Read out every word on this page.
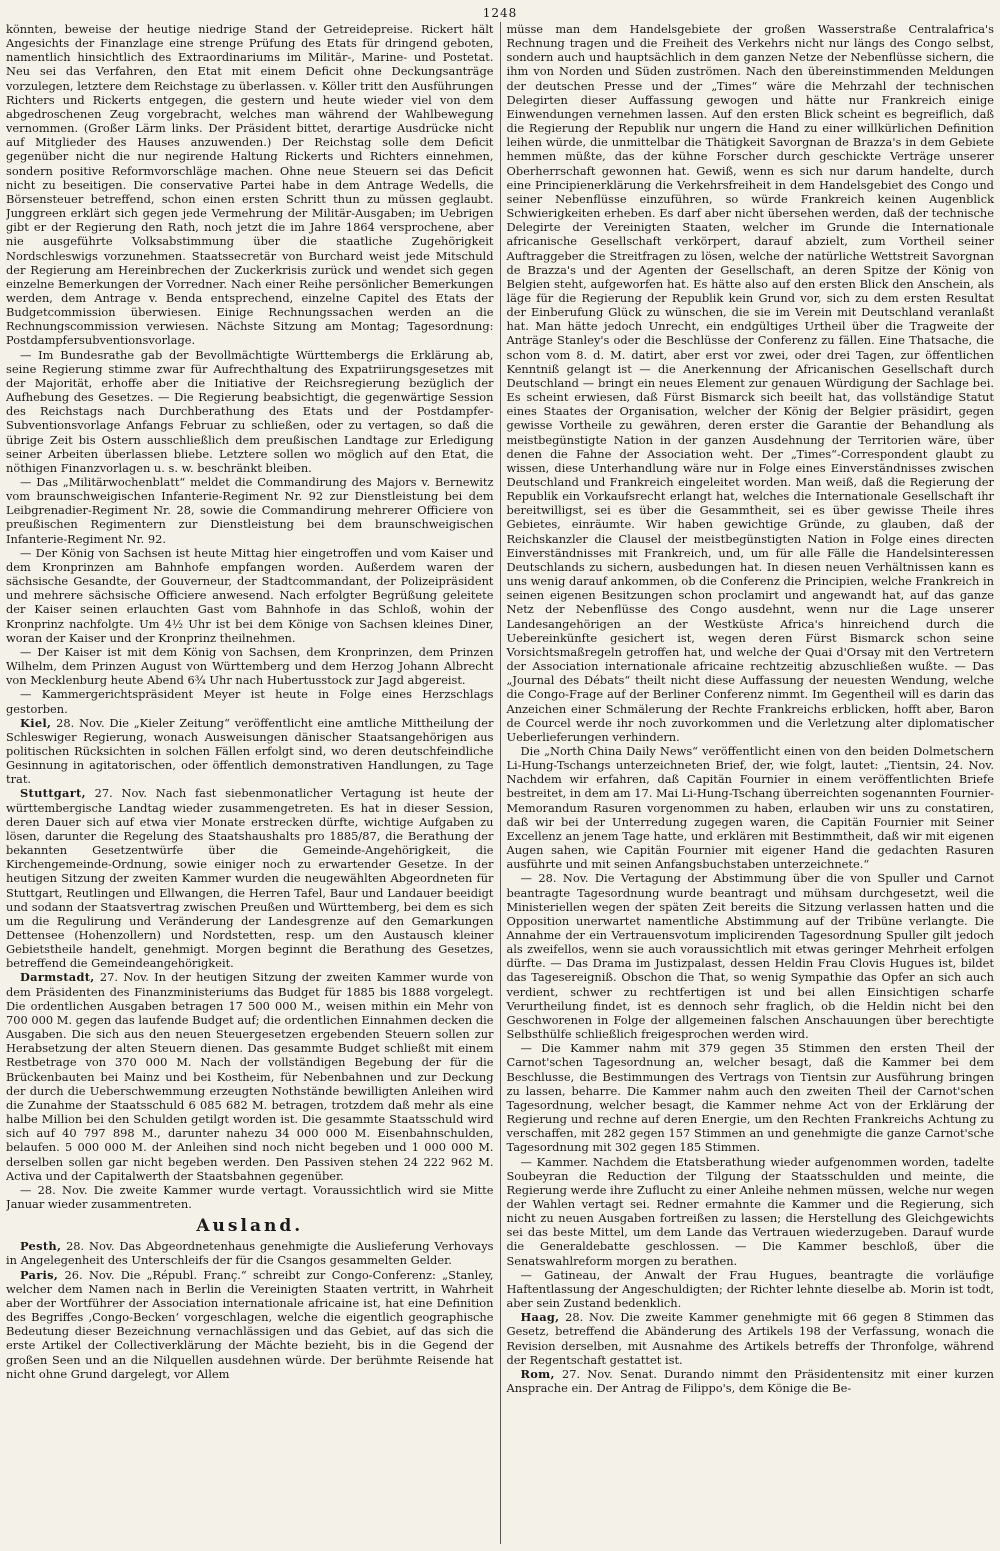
1248

könnten, beweise der heutige niedrige Stand der Getreidepreise. Rickert hält Angesichts der Finanzlage eine strenge Prüfung des Etats für dringend geboten, namentlich hinsichtlich des Extraordinariums im Militär-, Marine- und Postetat. Neu sei das Verfahren, den Etat mit einem Deficit ohne Deckungsanträge vorzulegen, letztere dem Reichstage zu überlassen. v. Köller tritt den Ausführungen Richters und Rickerts entgegen, die gestern und heute wieder viel von dem abgedroschenen Zeug vorgebracht, welches man während der Wahlbewegung vernommen. (Großer Lärm links. Der Präsident bittet, derartige Ausdrücke nicht auf Mitglieder des Hauses anzuwenden.) Der Reichstag solle dem Deficit gegenüber nicht die nur negirende Haltung Rickerts und Richters einnehmen, sondern positive Reformvorschläge machen. Ohne neue Steuern sei das Deficit nicht zu beseitigen. Die conservative Partei habe in dem Antrage Wedells, die Börsensteuer betreffend, schon einen ersten Schritt thun zu müssen geglaubt. Junggreen erklärt sich gegen jede Vermehrung der Militär-Ausgaben; im Uebrigen gibt er der Regierung den Rath, noch jetzt die im Jahre 1864 versprochene, aber nie ausgeführte Volksabstimmung über die staatliche Zugehörigkeit Nordschleswigs vorzunehmen. Staatssecretär von Burchard weist jede Mitschuld der Regierung am Hereinbrechen der Zuckerkrisis zurück und wendet sich gegen einzelne Bemerkungen der Vorredner. Nach einer Reihe persönlicher Bemerkungen werden, dem Antrage v. Benda entsprechend, einzelne Capitel des Etats der Budgetcommission überwiesen. Einige Rechnungssachen werden an die Rechnungscommission verwiesen. Nächste Sitzung am Montag; Tagesordnung: Postdampfersubventionsvorlage.

— Im Bundesrathe gab der Bevollmächtigte Württembergs die Erklärung ab, seine Regierung stimme zwar für Aufrechthaltung des Expatriirungsgesetzes mit der Majorität, erhoffe aber die Initiative der Reichsregierung bezüglich der Aufhebung des Gesetzes. — Die Regierung beabsichtigt, die gegenwärtige Session des Reichstags nach Durchberathung des Etats und der Postdampfer-Subventionsvorlage Anfangs Februar zu schließen, oder zu vertagen, so daß die übrige Zeit bis Ostern ausschließlich dem preußischen Landtage zur Erledigung seiner Arbeiten überlassen bliebe. Letztere sollen wo möglich auf den Etat, die nöthigen Finanzvorlagen u. s. w. beschränkt bleiben.

— Das „Militärwochenblatt“ meldet die Commandirung des Majors v. Bernewitz vom braunschweigischen Infanterie-Regiment Nr. 92 zur Dienstleistung bei dem Leibgrenadier-Regiment Nr. 28, sowie die Commandirung mehrerer Officiere von preußischen Regimentern zur Dienstleistung bei dem braunschweigischen Infanterie-Regiment Nr. 92.

— Der König von Sachsen ist heute Mittag hier eingetroffen und vom Kaiser und dem Kronprinzen am Bahnhofe empfangen worden. Außerdem waren der sächsische Gesandte, der Gouverneur, der Stadtcommandant, der Polizeipräsident und mehrere sächsische Officiere anwesend. Nach erfolgter Begrüßung geleitete der Kaiser seinen erlauchten Gast vom Bahnhofe in das Schloß, wohin der Kronprinz nachfolgte. Um 4½ Uhr ist bei dem Könige von Sachsen kleines Diner, woran der Kaiser und der Kronprinz theilnehmen.

— Der Kaiser ist mit dem König von Sachsen, dem Kronprinzen, dem Prinzen Wilhelm, dem Prinzen August von Württemberg und dem Herzog Johann Albrecht von Mecklenburg heute Abend 6¾ Uhr nach Hubertusstock zur Jagd abgereist.

— Kammergerichtspräsident Meyer ist heute in Folge eines Herzschlags gestorben.

Kiel, 28. Nov. Die „Kieler Zeitung“ veröffentlicht eine amtliche Mittheilung der Schleswiger Regierung, wonach Ausweisungen dänischer Staatsangehörigen aus politischen Rücksichten in solchen Fällen erfolgt sind, wo deren deutschfeindliche Gesinnung in agitatorischen, oder öffentlich demonstrativen Handlungen, zu Tage trat.

Stuttgart, 27. Nov. Nach fast siebenmonatlicher Vertagung ist heute der württembergische Landtag wieder zusammengetreten. Es hat in dieser Session, deren Dauer sich auf etwa vier Monate erstrecken dürfte, wichtige Aufgaben zu lösen, darunter die Regelung des Staatshaushalts pro 1885/87, die Berathung der bekannten Gesetzentwürfe über die Gemeinde-Angehörigkeit, die Kirchengemeinde-Ordnung, sowie einiger noch zu erwartender Gesetze. In der heutigen Sitzung der zweiten Kammer wurden die neugewählten Abgeordneten für Stuttgart, Reutlingen und Ellwangen, die Herren Tafel, Baur und Landauer beeidigt und sodann der Staatsvertrag zwischen Preußen und Württemberg, bei dem es sich um die Regulirung und Veränderung der Landesgrenze auf den Gemarkungen Dettensee (Hohenzollern) und Nordstetten, resp. um den Austausch kleiner Gebietstheile handelt, genehmigt. Morgen beginnt die Berathung des Gesetzes, betreffend die Gemeindeangehörigkeit.

Darmstadt, 27. Nov. In der heutigen Sitzung der zweiten Kammer wurde von dem Präsidenten des Finanzministeriums das Budget für 1885 bis 1888 vorgelegt. Die ordentlichen Ausgaben betragen 17 500 000 M., weisen mithin ein Mehr von 700 000 M. gegen das laufende Budget auf; die ordentlichen Einnahmen decken die Ausgaben. Die sich aus den neuen Steuergesetzen ergebenden Steuern sollen zur Herabsetzung der alten Steuern dienen. Das gesammte Budget schließt mit einem Restbetrage von 370 000 M. Nach der vollständigen Begebung der für die Brückenbauten bei Mainz und bei Kostheim, für Nebenbahnen und zur Deckung der durch die Ueberschwemmung erzeugten Nothstände bewilligten Anleihen wird die Zunahme der Staatsschuld 6 085 682 M. betragen, trotzdem daß mehr als eine halbe Million bei den Schulden getilgt worden ist. Die gesammte Staatsschuld wird sich auf 40 797 898 M., darunter nahezu 34 000 000 M. Eisenbahnschulden, belaufen. 5 000 000 M. der Anleihen sind noch nicht begeben und 1 000 000 M. derselben sollen gar nicht begeben werden. Den Passiven stehen 24 222 962 M. Activa und der Capitalwerth der Staatsbahnen gegenüber.

— 28. Nov. Die zweite Kammer wurde vertagt. Voraussichtlich wird sie Mitte Januar wieder zusammentreten.

Ausland.

Pesth, 28. Nov. Das Abgeordnetenhaus genehmigte die Auslieferung Verhovays in Angelegenheit des Unterschleifs der für die Csangos gesammelten Gelder.

Paris, 26. Nov. Die „Républ. Franç.“ schreibt zur Congo-Conferenz: „Stanley, welcher dem Namen nach in Berlin die Vereinigten Staaten vertritt, in Wahrheit aber der Wortführer der Association internationale africaine ist, hat eine Definition des Begriffes ‚Congo-Becken‘ vorgeschlagen, welche die eigentlich geographische Bedeutung dieser Bezeichnung vernachlässigen und das Gebiet, auf das sich die erste Artikel der Collectiverklärung der Mächte bezieht, bis in die Gegend der großen Seen und an die Nilquellen ausdehnen würde. Der berühmte Reisende hat nicht ohne Grund dargelegt, vor Allem

müsse man dem Handelsgebiete der großen Wasserstraße Centralafrica's Rechnung tragen und die Freiheit des Verkehrs nicht nur längs des Congo selbst, sondern auch und hauptsächlich in dem ganzen Netze der Nebenflüsse sichern, die ihm von Norden und Süden zuströmen. Nach den übereinstimmenden Meldungen der deutschen Presse und der „Times“ wäre die Mehrzahl der technischen Delegirten dieser Auffassung gewogen und hätte nur Frankreich einige Einwendungen vernehmen lassen. Auf den ersten Blick scheint es begreiflich, daß die Regierung der Republik nur ungern die Hand zu einer willkürlichen Definition leihen würde, die unmittelbar die Thätigkeit Savorgnan de Brazza's in dem Gebiete hemmen müßte, das der kühne Forscher durch geschickte Verträge unserer Oberherrschaft gewonnen hat. Gewiß, wenn es sich nur darum handelte, durch eine Principienerklärung die Verkehrsfreiheit in dem Handelsgebiet des Congo und seiner Nebenflüsse einzuführen, so würde Frankreich keinen Augenblick Schwierigkeiten erheben. Es darf aber nicht übersehen werden, daß der technische Delegirte der Vereinigten Staaten, welcher im Grunde die Internationale africanische Gesellschaft verkörpert, darauf abzielt, zum Vortheil seiner Auftraggeber die Streitfragen zu lösen, welche der natürliche Wettstreit Savorgnan de Brazza's und der Agenten der Gesellschaft, an deren Spitze der König von Belgien steht, aufgeworfen hat. Es hätte also auf den ersten Blick den Anschein, als läge für die Regierung der Republik kein Grund vor, sich zu dem ersten Resultat der Einberufung Glück zu wünschen, die sie im Verein mit Deutschland veranlaßt hat. Man hätte jedoch Unrecht, ein endgültiges Urtheil über die Tragweite der Anträge Stanley's oder die Beschlüsse der Conferenz zu fällen. Eine Thatsache, die schon vom 8. d. M. datirt, aber erst vor zwei, oder drei Tagen, zur öffentlichen Kenntniß gelangt ist — die Anerkennung der Africanischen Gesellschaft durch Deutschland — bringt ein neues Element zur genauen Würdigung der Sachlage bei. Es scheint erwiesen, daß Fürst Bismarck sich beeilt hat, das vollständige Statut eines Staates der Organisation, welcher der König der Belgier präsidirt, gegen gewisse Vortheile zu gewähren, deren erster die Garantie der Behandlung als meistbegünstigte Nation in der ganzen Ausdehnung der Territorien wäre, über denen die Fahne der Association weht. Der „Times“-Correspondent glaubt zu wissen, diese Unterhandlung wäre nur in Folge eines Einverständnisses zwischen Deutschland und Frankreich eingeleitet worden. Man weiß, daß die Regierung der Republik ein Vorkaufsrecht erlangt hat, welches die Internationale Gesellschaft ihr bereitwilligst, sei es über die Gesammtheit, sei es über gewisse Theile ihres Gebietes, einräumte. Wir haben gewichtige Gründe, zu glauben, daß der Reichskanzler die Clausel der meistbegünstigten Nation in Folge eines directen Einverständnisses mit Frankreich, und, um für alle Fälle die Handelsinteressen Deutschlands zu sichern, ausbedungen hat. In diesen neuen Verhältnissen kann es uns wenig darauf ankommen, ob die Conferenz die Principien, welche Frankreich in seinen eigenen Besitzungen schon proclamirt und angewandt hat, auf das ganze Netz der Nebenflüsse des Congo ausdehnt, wenn nur die Lage unserer Landesangehörigen an der Westküste Africa's hinreichend durch die Uebereinkünfte gesichert ist, wegen deren Fürst Bismarck schon seine Vorsichtsmaßregeln getroffen hat, und welche der Quai d'Orsay mit den Vertretern der Association internationale africaine rechtzeitig abzuschließen wußte. — Das „Journal des Débats“ theilt nicht diese Auffassung der neuesten Wendung, welche die Congo-Frage auf der Berliner Conferenz nimmt. Im Gegentheil will es darin das Anzeichen einer Schmälerung der Rechte Frankreichs erblicken, hofft aber, Baron de Courcel werde ihr noch zuvorkommen und die Verletzung alter diplomatischer Ueberlieferungen verhindern.

Die „North China Daily News“ veröffentlicht einen von den beiden Dolmetschern Li-Hung-Tschangs unterzeichneten Brief, der, wie folgt, lautet: „Tientsin, 24. Nov. Nachdem wir erfahren, daß Capitän Fournier in einem veröffentlichten Briefe bestreitet, in dem am 17. Mai Li-Hung-Tschang überreichten sogenannten Fournier-Memorandum Rasuren vorgenommen zu haben, erlauben wir uns zu constatiren, daß wir bei der Unterredung zugegen waren, die Capitän Fournier mit Seiner Excellenz an jenem Tage hatte, und erklären mit Bestimmtheit, daß wir mit eigenen Augen sahen, wie Capitän Fournier mit eigener Hand die gedachten Rasuren ausführte und mit seinen Anfangsbuchstaben unterzeichnete.“

— 28. Nov. Die Vertagung der Abstimmung über die von Spuller und Carnot beantragte Tagesordnung wurde beantragt und mühsam durchgesetzt, weil die Ministeriellen wegen der späten Zeit bereits die Sitzung verlassen hatten und die Opposition unerwartet namentliche Abstimmung auf der Tribüne verlangte. Die Annahme der ein Vertrauensvotum implicirenden Tagesordnung Spuller gilt jedoch als zweifellos, wenn sie auch voraussichtlich mit etwas geringer Mehrheit erfolgen dürfte. — Das Drama im Justizpalast, dessen Heldin Frau Clovis Hugues ist, bildet das Tagesereigniß. Obschon die That, so wenig Sympathie das Opfer an sich auch verdient, schwer zu rechtfertigen ist und bei allen Einsichtigen scharfe Verurtheilung findet, ist es dennoch sehr fraglich, ob die Heldin nicht bei den Geschworenen in Folge der allgemeinen falschen Anschauungen über berechtigte Selbsthülfe schließlich freigesprochen werden wird.

— Die Kammer nahm mit 379 gegen 35 Stimmen den ersten Theil der Carnot'schen Tagesordnung an, welcher besagt, daß die Kammer bei dem Beschlusse, die Bestimmungen des Vertrags von Tientsin zur Ausführung bringen zu lassen, beharre. Die Kammer nahm auch den zweiten Theil der Carnot'schen Tagesordnung, welcher besagt, die Kammer nehme Act von der Erklärung der Regierung und rechne auf deren Energie, um den Rechten Frankreichs Achtung zu verschaffen, mit 282 gegen 157 Stimmen an und genehmigte die ganze Carnot'sche Tagesordnung mit 302 gegen 185 Stimmen.

— Kammer. Nachdem die Etatsberathung wieder aufgenommen worden, tadelte Soubeyran die Reduction der Tilgung der Staatsschulden und meinte, die Regierung werde ihre Zuflucht zu einer Anleihe nehmen müssen, welche nur wegen der Wahlen vertagt sei. Redner ermahnte die Kammer und die Regierung, sich nicht zu neuen Ausgaben fortreißen zu lassen; die Herstellung des Gleichgewichts sei das beste Mittel, um dem Lande das Vertrauen wiederzugeben. Darauf wurde die Generaldebatte geschlossen. — Die Kammer beschloß, über die Senatswahlreform morgen zu berathen.

— Gatineau, der Anwalt der Frau Hugues, beantragte die vorläufige Haftentlassung der Angeschuldigten; der Richter lehnte dieselbe ab. Morin ist todt, aber sein Zustand bedenklich.

Haag, 28. Nov. Die zweite Kammer genehmigte mit 66 gegen 8 Stimmen das Gesetz, betreffend die Abänderung des Artikels 198 der Verfassung, wonach die Revision derselben, mit Ausnahme des Artikels betreffs der Thronfolge, während der Regentschaft gestattet ist.

Rom, 27. Nov. Senat. Durando nimmt den Präsidentensitz mit einer kurzen Ansprache ein. Der Antrag de Filippo's, dem Könige die Be-
